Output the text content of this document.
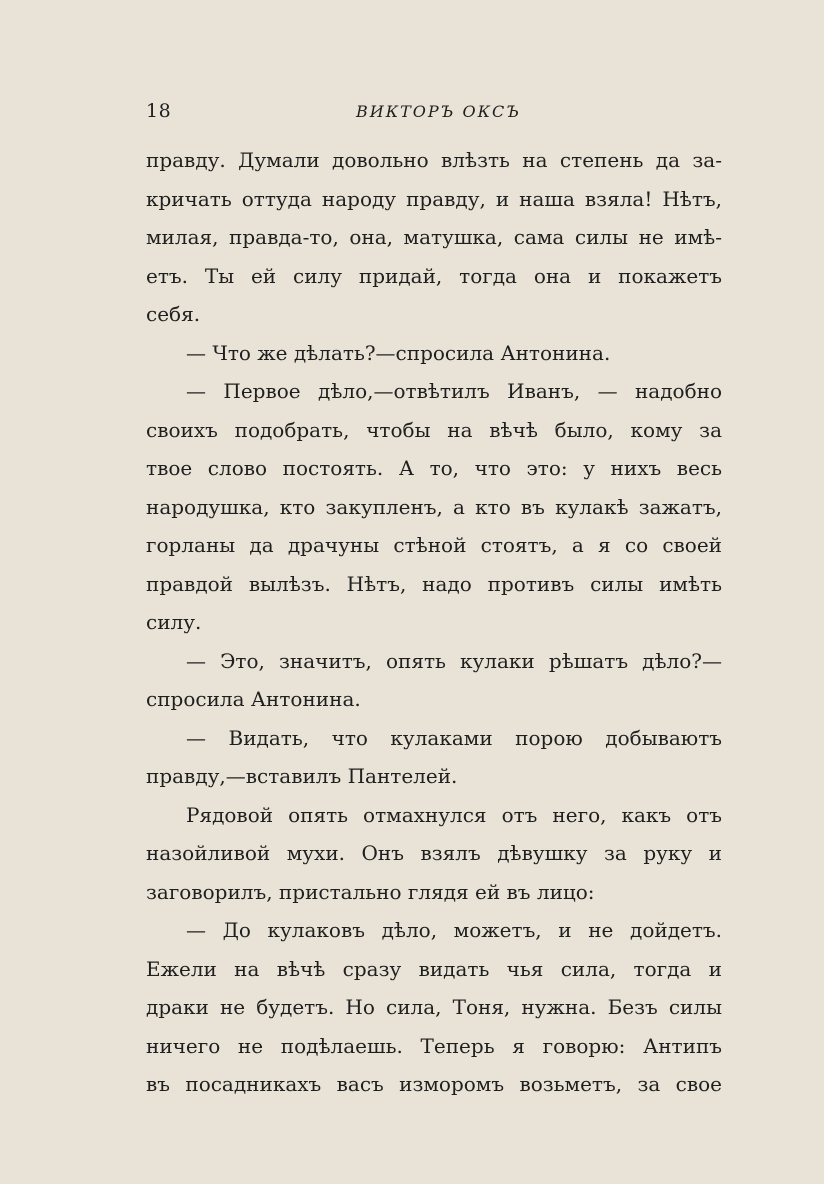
18	ВИКТОРЪ ОКСЪ
правду. Думали довольно влѣзть на степень да за-
кричать оттуда народу правду, и наша взяла! Нѣтъ,
милая, правда-то, она, матушка, сама силы не имѣ-
етъ. Ты ей силу придай, тогда она и покажетъ
себя.
— Что же дѣлать?—спросила Антонина.
— Первое дѣло,—отвѣтилъ Иванъ, — надобно
своихъ подобрать, чтобы на вѣчѣ было, кому за
твое слово постоять. А то, что это: у нихъ весь
народушка, кто закупленъ, а кто въ кулакѣ зажатъ,
горланы да драчуны стѣной стоятъ, а я со своей
правдой вылѣзъ. Нѣтъ, надо противъ силы имѣть
силу.
— Это, значитъ, опять кулаки рѣшатъ дѣло?—
спросила Антонина.
— Видать, что кулаками порою добываютъ
правду,—вставилъ Пантелей.
Рядовой опять отмахнулся отъ него, какъ отъ
назойливой мухи. Онъ взялъ дѣвушку за руку и
заговорилъ, пристально глядя ей въ лицо:
— До кулаковъ дѣло, можетъ, и не дойдетъ.
Ежели на вѣчѣ сразу видать чья сила, тогда и
драки не будетъ. Но сила, Тоня, нужна. Безъ силы
ничего не подѣлаешь. Теперь я говорю: Антипъ
въ посадникахъ васъ изморомъ возьметъ, за свое
